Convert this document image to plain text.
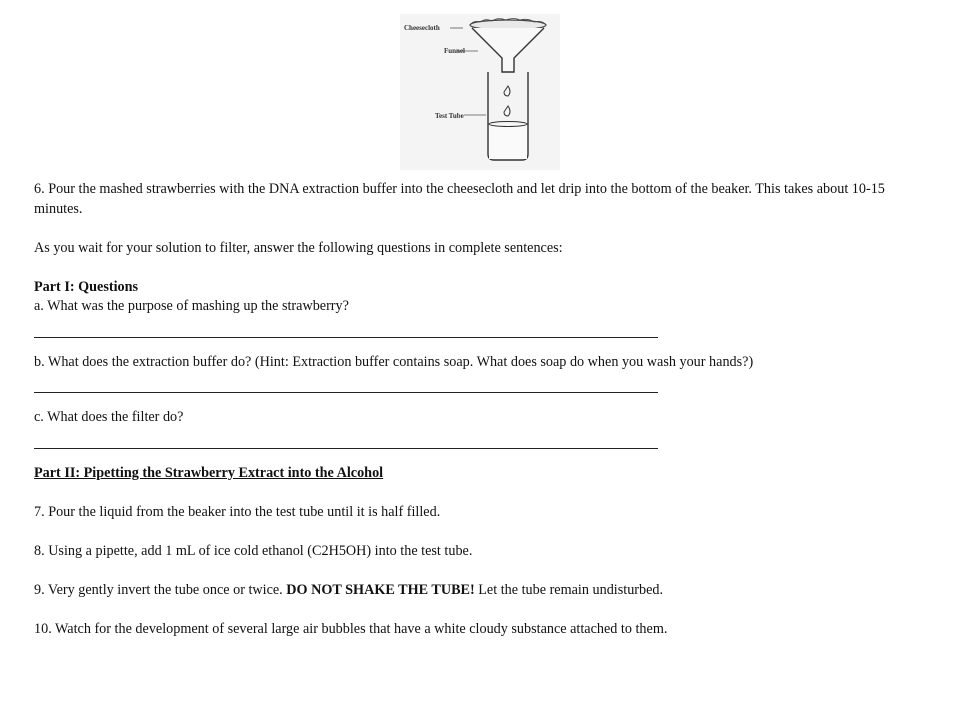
Cheesecloth
Funnel
Test Tube
6. Pour the mashed strawberries with the DNA extraction buffer into the cheesecloth and let drip into the bottom of the beaker. This takes about 10-15 minutes.
As you wait for your solution to filter, answer the following questions in complete sentences:
Part I: Questions
a. What was the purpose of mashing up the strawberry?
b. What does the extraction buffer do? (Hint: Extraction buffer contains soap. What does soap do when you wash your hands?)
c. What does the filter do?
Part II: Pipetting the Strawberry Extract into the Alcohol
7. Pour the liquid from the beaker into the test tube until it is half filled.
8. Using a pipette, add 1 mL of ice cold ethanol (C2H5OH) into the test tube.
9. Very gently invert the tube once or twice. DO NOT SHAKE THE TUBE! Let the tube remain undisturbed.
10. Watch for the development of several large air bubbles that have a white cloudy substance attached to them.
